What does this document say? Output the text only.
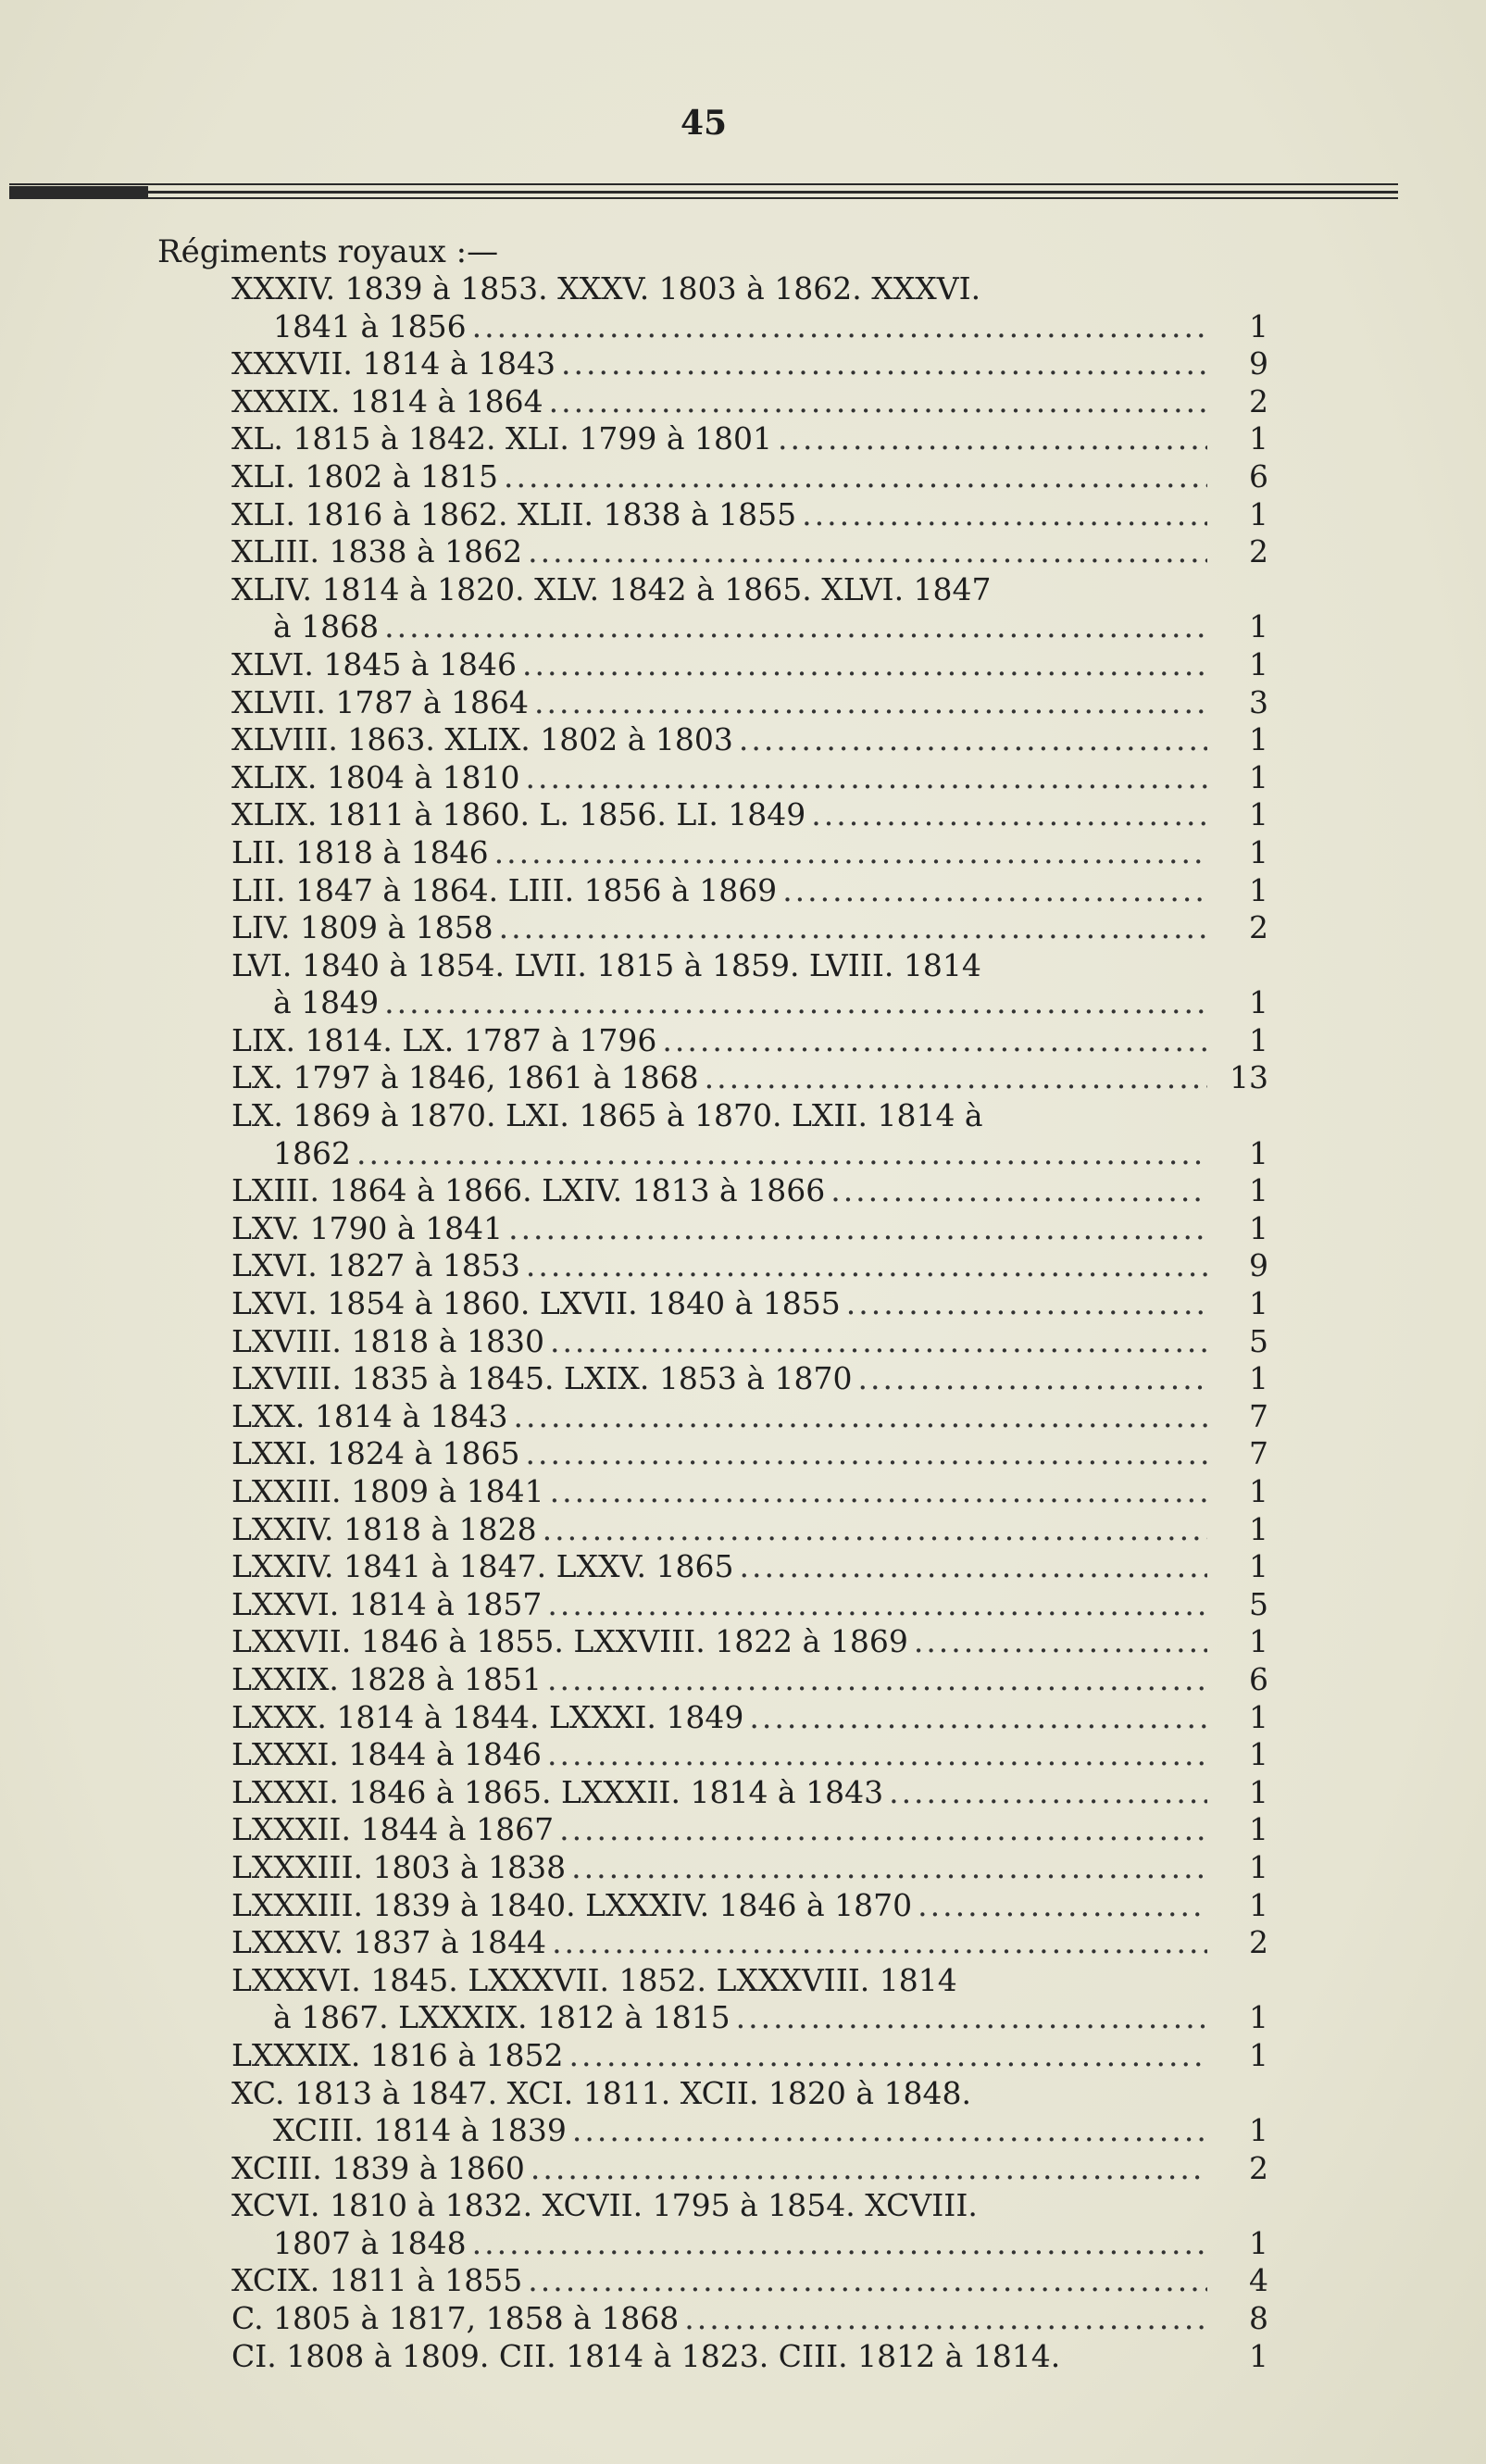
45
Régiments royaux :—
XXXIV. 1839 à 1853. XXXV. 1803 à 1862. XXXVI.
1841 à 1856 .....	1
XXXVII. 1814 à 1843 .....	9
XXXIX. 1814 à 1864 .....	2
XL. 1815 à 1842. XLI. 1799 à 1801 .....	1
XLI. 1802 à 1815 .....	6
XLI. 1816 à 1862. XLII. 1838 à 1855 .....	1
XLIII. 1838 à 1862 .....	2
XLIV. 1814 à 1820. XLV. 1842 à 1865. XLVI. 1847
à 1868 .....	1
XLVI. 1845 à 1846 .....	1
XLVII. 1787 à 1864 .....	3
XLVIII. 1863. XLIX. 1802 à 1803 .....	1
XLIX. 1804 à 1810 .....	1
XLIX. 1811 à 1860. L. 1856. LI. 1849 .....	1
LII. 1818 à 1846 .....	1
LII. 1847 à 1864. LIII. 1856 à 1869 .....	1
LIV. 1809 à 1858 .....	2
LVI. 1840 à 1854. LVII. 1815 à 1859. LVIII. 1814
à 1849 .....	1
LIX. 1814. LX. 1787 à 1796 .....	1
LX. 1797 à 1846, 1861 à 1868 .....	13
LX. 1869 à 1870. LXI. 1865 à 1870. LXII. 1814 à
1862 .....	1
LXIII. 1864 à 1866. LXIV. 1813 à 1866 .....	1
LXV. 1790 à 1841 .....	1
LXVI. 1827 à 1853 .....	9
LXVI. 1854 à 1860. LXVII. 1840 à 1855 .....	1
LXVIII. 1818 à 1830 .....	5
LXVIII. 1835 à 1845. LXIX. 1853 à 1870 .....	1
LXX. 1814 à 1843 .....	7
LXXI. 1824 à 1865 .....	7
LXXIII. 1809 à 1841 .....	1
LXXIV. 1818 à 1828 .....	1
LXXIV. 1841 à 1847. LXXV. 1865 .....	1
LXXVI. 1814 à 1857 .....	5
LXXVII. 1846 à 1855. LXXVIII. 1822 à 1869 .....	1
LXXIX. 1828 à 1851 .....	6
LXXX. 1814 à 1844. LXXXI. 1849 .....	1
LXXXI. 1844 à 1846 .....	1
LXXXI. 1846 à 1865. LXXXII. 1814 à 1843 .....	1
LXXXII. 1844 à 1867 .....	1
LXXXIII. 1803 à 1838 .....	1
LXXXIII. 1839 à 1840. LXXXIV. 1846 à 1870 .....	1
LXXXV. 1837 à 1844 .....	2
LXXXVI. 1845. LXXXVII. 1852. LXXXVIII. 1814
à 1867. LXXXIX. 1812 à 1815 .....	1
LXXXIX. 1816 à 1852 .....	1
XC. 1813 à 1847. XCI. 1811. XCII. 1820 à 1848.
XCIII. 1814 à 1839 .....	1
XCIII. 1839 à 1860 .....	2
XCVI. 1810 à 1832. XCVII. 1795 à 1854. XCVIII.
1807 à 1848 .....	1
XCIX. 1811 à 1855 .....	4
C. 1805 à 1817, 1858 à 1868 .....	8
CI. 1808 à 1809. CII. 1814 à 1823. CIII. 1812 à 1814.	1
